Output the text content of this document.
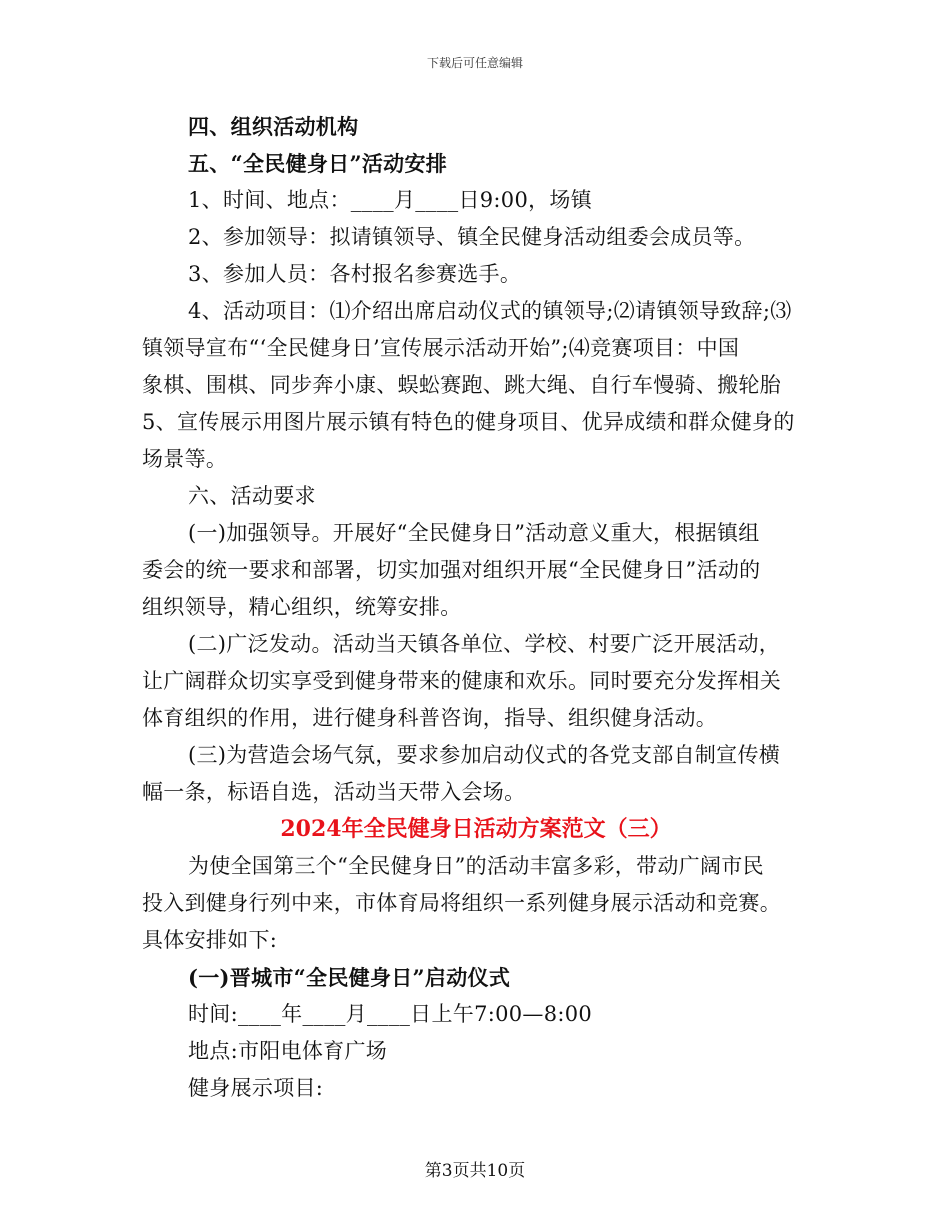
下载后可任意编辑
四、组织活动机构
五、“全民健身日”活动安排
1、时间、地点：____月____日9:00，场镇
2、参加领导：拟请镇领导、镇全民健身活动组委会成员等。
3、参加人员：各村报名参赛选手。
4、活动项目：⑴介绍出席启动仪式的镇领导;⑵请镇领导致辞;⑶
镇领导宣布“‘全民健身日’宣传展示活动开始”;⑷竞赛项目：中国
象棋、围棋、同步奔小康、蜈蚣赛跑、跳大绳、自行车慢骑、搬轮胎
5、宣传展示用图片展示镇有特色的健身项目、优异成绩和群众健身的
场景等。
六、活动要求
(一)加强领导。开展好“全民健身日”活动意义重大，根据镇组
委会的统一要求和部署，切实加强对组织开展“全民健身日”活动的
组织领导，精心组织，统筹安排。
(二)广泛发动。活动当天镇各单位、学校、村要广泛开展活动，
让广阔群众切实享受到健身带来的健康和欢乐。同时要充分发挥相关
体育组织的作用，进行健身科普咨询，指导、组织健身活动。
(三)为营造会场气氛，要求参加启动仪式的各党支部自制宣传横
幅一条，标语自选，活动当天带入会场。
2024年全民健身日活动方案范文（三）
为使全国第三个“全民健身日”的活动丰富多彩，带动广阔市民
投入到健身行列中来，市体育局将组织一系列健身展示活动和竞赛。
具体安排如下:
(一)晋城市“全民健身日”启动仪式
时间:____年____月____日上午7:00—8:00
地点:市阳电体育广场
健身展示项目:
第3页共10页
